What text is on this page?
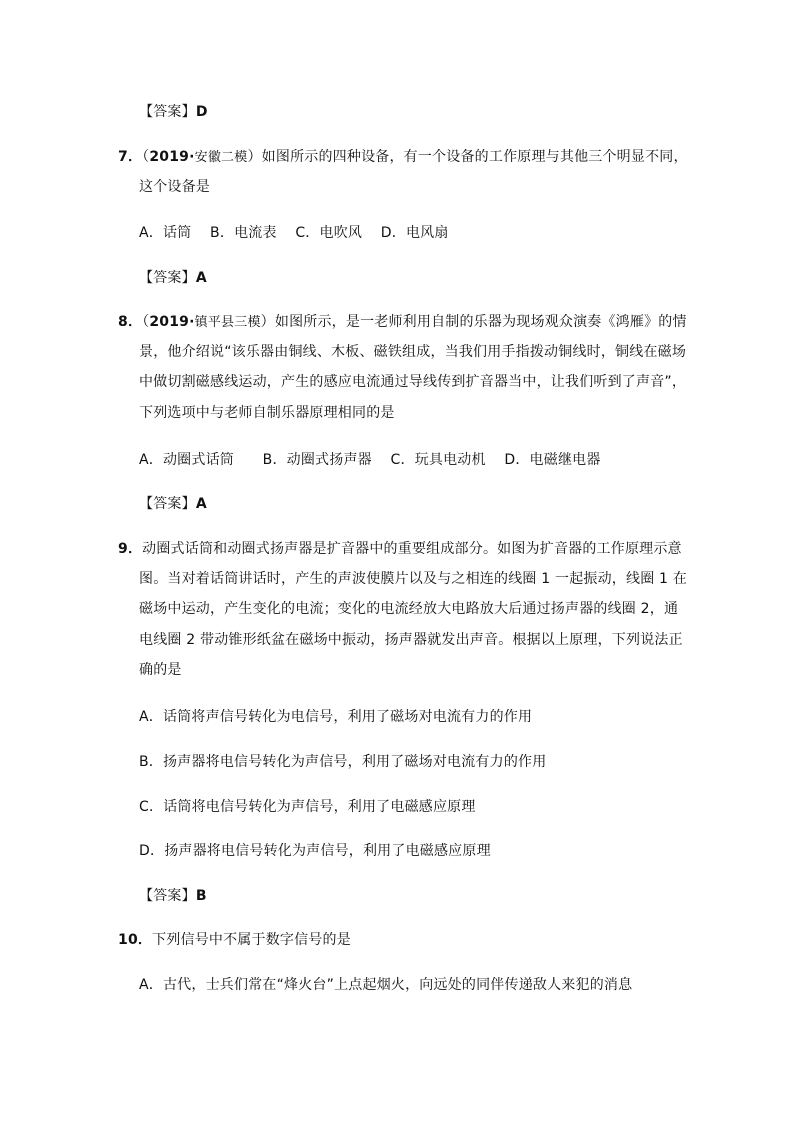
【答案】D
7．（2019·安徽二模）如图所示的四种设备，有一个设备的工作原理与其他三个明显不同，
这个设备是
A．话筒 B．电流表 C．电吹风 D．电风扇
【答案】A
8．（2019·镇平县三模）如图所示，是一老师利用自制的乐器为现场观众演奏《鸿雁》的情
景，他介绍说“该乐器由铜线、木板、磁铁组成，当我们用手指拨动铜线时，铜线在磁场
中做切割磁感线运动，产生的感应电流通过导线传到扩音器当中，让我们听到了声音”，
下列选项中与老师自制乐器原理相同的是
A．动圈式话筒 B．动圈式扬声器 C．玩具电动机 D．电磁继电器
【答案】A
9．动圈式话筒和动圈式扬声器是扩音器中的重要组成部分。如图为扩音器的工作原理示意
图。当对着话筒讲话时，产生的声波使膜片以及与之相连的线圈 1 一起振动，线圈 1 在
磁场中运动，产生变化的电流；变化的电流经放大电路放大后通过扬声器的线圈 2，通
电线圈 2 带动锥形纸盆在磁场中振动，扬声器就发出声音。根据以上原理，下列说法正
确的是
A．话筒将声信号转化为电信号，利用了磁场对电流有力的作用
B．扬声器将电信号转化为声信号，利用了磁场对电流有力的作用
C．话筒将电信号转化为声信号，利用了电磁感应原理
D．扬声器将电信号转化为声信号，利用了电磁感应原理
【答案】B
10．下列信号中不属于数字信号的是
A．古代，士兵们常在“烽火台”上点起烟火，向远处的同伴传递敌人来犯的消息
